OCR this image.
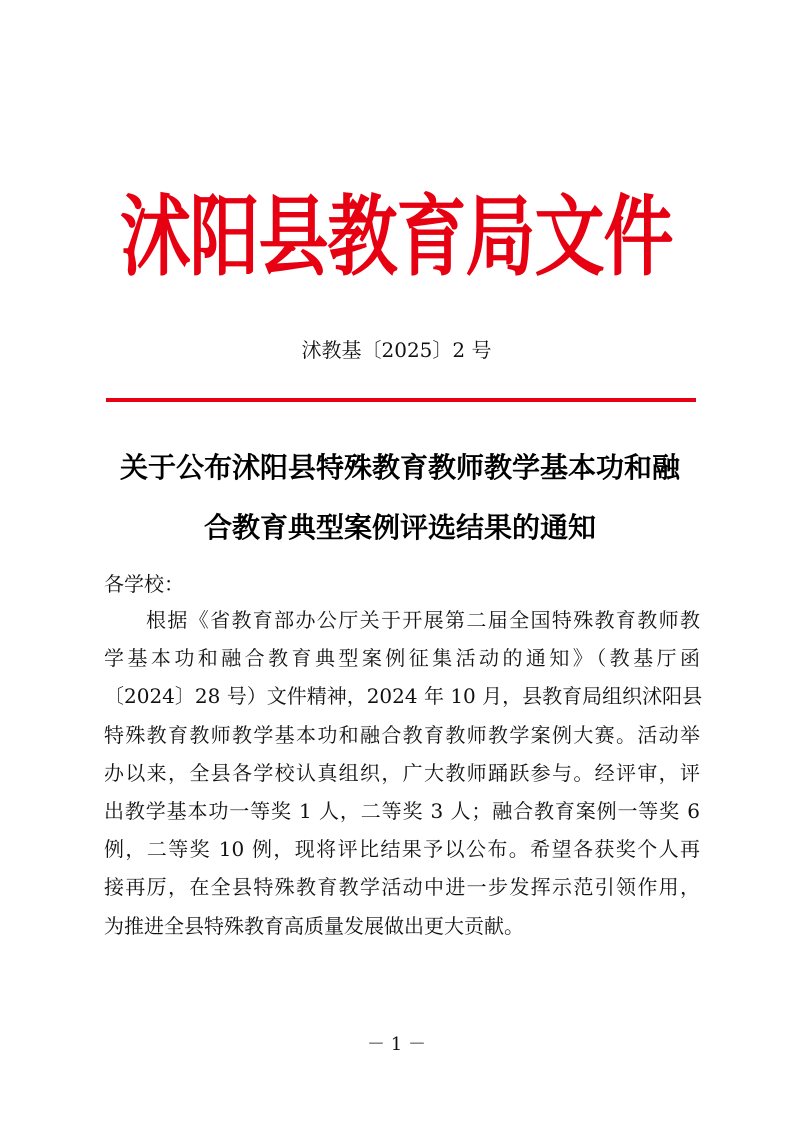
沭阳县教育局文件
沭教基〔2025〕2 号
关于公布沭阳县特殊教育教师教学基本功和融
合教育典型案例评选结果的通知
各学校：
根据《省教育部办公厅关于开展第二届全国特殊教育教师教
学基本功和融合教育典型案例征集活动的通知》（教基厅函
〔2024〕28 号）文件精神，2024 年 10 月，县教育局组织沭阳县
特殊教育教师教学基本功和融合教育教师教学案例大赛。活动举
办以来，全县各学校认真组织，广大教师踊跃参与。经评审，评
出教学基本功一等奖 1 人，二等奖 3 人；融合教育案例一等奖 6
例，二等奖 10 例，现将评比结果予以公布。希望各获奖个人再
接再厉，在全县特殊教育教学活动中进一步发挥示范引领作用，
为推进全县特殊教育高质量发展做出更大贡献。
－ 1 －
